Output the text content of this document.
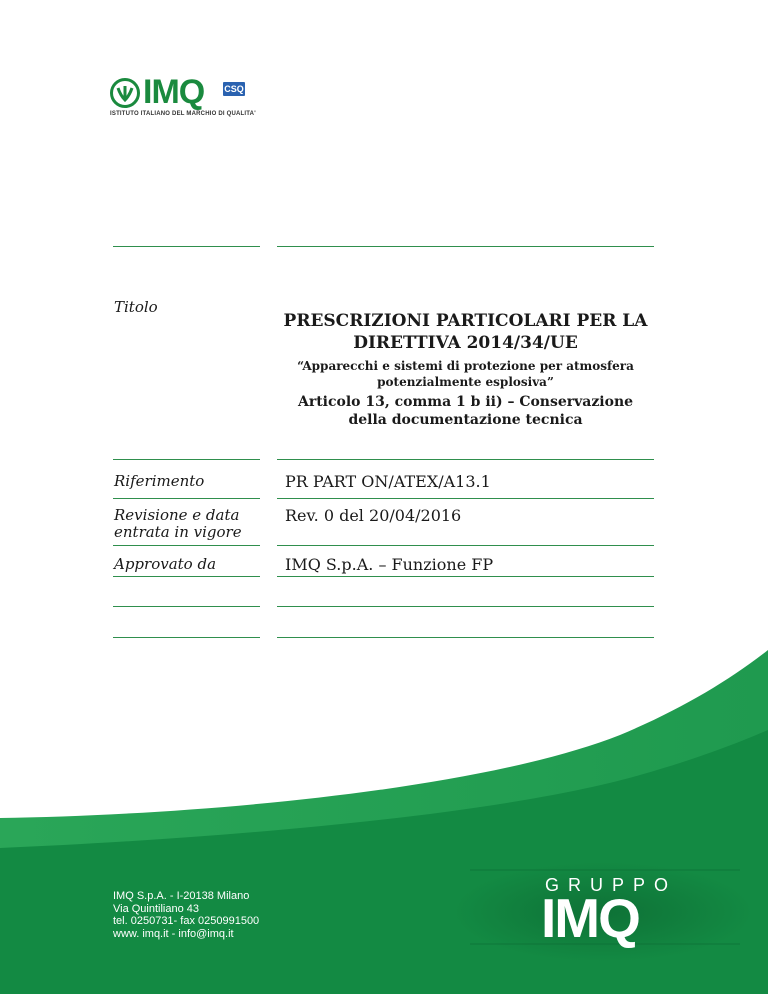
IMQ CSQ
ISTITUTO ITALIANO DEL MARCHIO DI QUALITA'
Titolo
PRESCRIZIONI PARTICOLARI PER LA
DIRETTIVA 2014/34/UE
“Apparecchi e sistemi di protezione per atmosfera
potenzialmente esplosiva”
Articolo 13, comma 1 b ii) – Conservazione
della documentazione tecnica
Riferimento	PR PART ON/ATEX/A13.1
Revisione e data
entrata in vigore
Rev. 0 del 20/04/2016
Approvato da	IMQ S.p.A. – Funzione FP
IMQ S.p.A. - I-20138 Milano
Via Quintiliano 43
tel. 0250731- fax 0250991500
www. imq.it - info@imq.it
GRUPPO
IMQ
